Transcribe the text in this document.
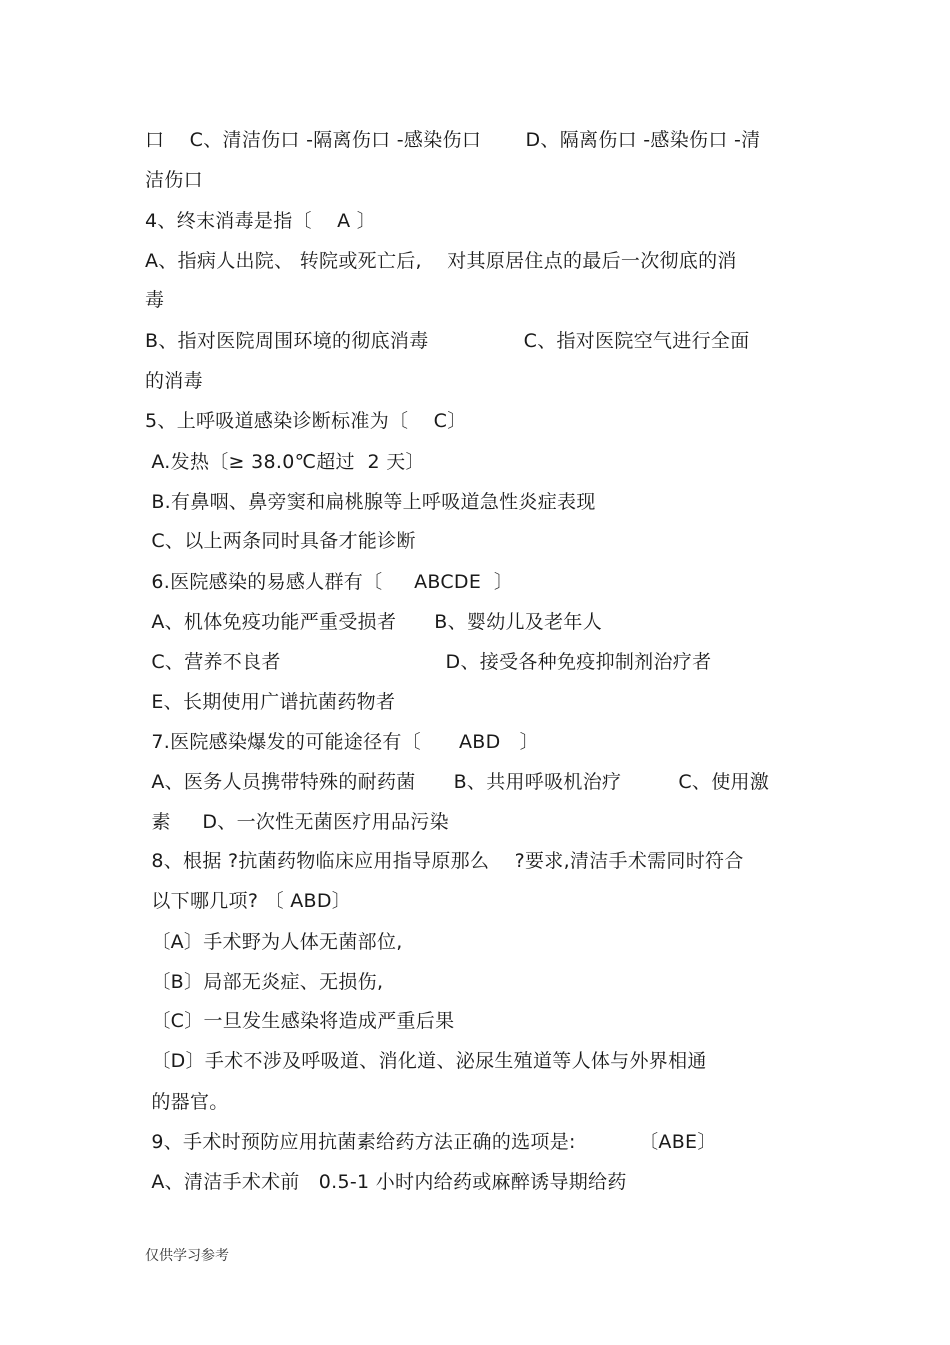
口    C、清洁伤口 -隔离伤口 -感染伤口       D、隔离伤口 -感染伤口 -清
洁伤口
4、终末消毒是指〔    A 〕
A、指病人出院、 转院或死亡后,    对其原居住点的最后一次彻底的消
毒
B、指对医院周围环境的彻底消毒               C、指对医院空气进行全面
的消毒
5、上呼吸道感染诊断标准为〔    C〕
A.发热〔≥ 38.0℃超过  2 天〕
B.有鼻咽、鼻旁窦和扁桃腺等上呼吸道急性炎症表现
C、以上两条同时具备才能诊断
6.医院感染的易感人群有〔     ABCDE  〕
A、机体免疫功能严重受损者      B、婴幼儿及老年人
C、营养不良者                          D、接受各种免疫抑制剂治疗者
E、长期使用广谱抗菌药物者
7.医院感染爆发的可能途径有〔      ABD   〕
A、医务人员携带特殊的耐药菌      B、共用呼吸机治疗         C、使用激
素     D、一次性无菌医疗用品污染
8、根据 ?抗菌药物临床应用指导原那么    ?要求,清洁手术需同时符合
以下哪几项? 〔 ABD〕
〔A〕手术野为人体无菌部位,
〔B〕局部无炎症、无损伤,
〔C〕一旦发生感染将造成严重后果
〔D〕手术不涉及呼吸道、消化道、泌尿生殖道等人体与外界相通
的器官。
9、手术时预防应用抗菌素给药方法正确的选项是:          〔ABE〕
A、清洁手术术前   0.5-1 小时内给药或麻醉诱导期给药
仅供学习参考
